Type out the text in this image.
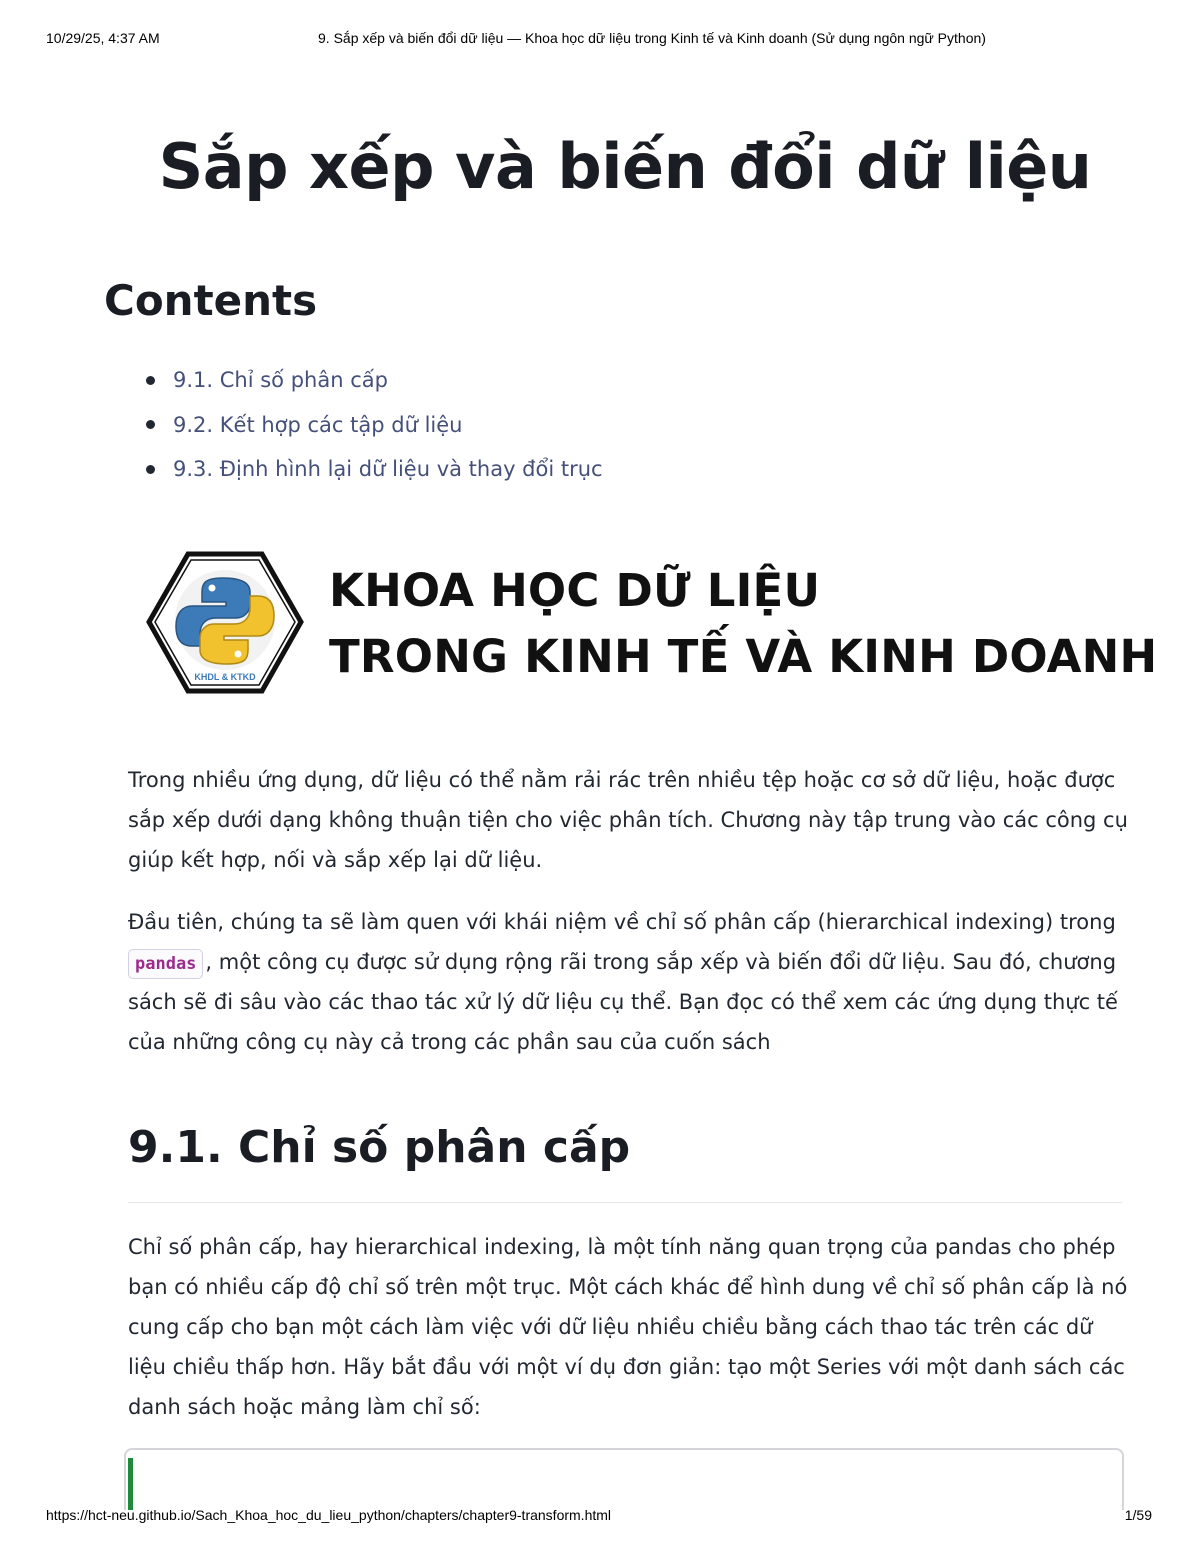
10/29/25, 4:37 AM	9. Sắp xếp và biến đổi dữ liệu — Khoa học dữ liệu trong Kinh tế và Kinh doanh (Sử dụng ngôn ngữ Python)
Sắp xếp và biến đổi dữ liệu
Contents
9.1. Chỉ số phân cấp
9.2. Kết hợp các tập dữ liệu
9.3. Định hình lại dữ liệu và thay đổi trục
KHDL & KTKD
KHOA HỌC DỮ LIỆU
TRONG KINH TẾ VÀ KINH DOANH

Trong nhiều ứng dụng, dữ liệu có thể nằm rải rác trên nhiều tệp hoặc cơ sở dữ liệu, hoặc được sắp xếp dưới dạng không thuận tiện cho việc phân tích. Chương này tập trung vào các công cụ giúp kết hợp, nối và sắp xếp lại dữ liệu.

Đầu tiên, chúng ta sẽ làm quen với khái niệm về chỉ số phân cấp (hierarchical indexing) trong pandas , một công cụ được sử dụng rộng rãi trong sắp xếp và biến đổi dữ liệu. Sau đó, chương sách sẽ đi sâu vào các thao tác xử lý dữ liệu cụ thể. Bạn đọc có thể xem các ứng dụng thực tế của những công cụ này cả trong các phần sau của cuốn sách

9.1. Chỉ số phân cấp

Chỉ số phân cấp, hay hierarchical indexing, là một tính năng quan trọng của pandas cho phép bạn có nhiều cấp độ chỉ số trên một trục. Một cách khác để hình dung về chỉ số phân cấp là nó cung cấp cho bạn một cách làm việc với dữ liệu nhiều chiều bằng cách thao tác trên các dữ liệu chiều thấp hơn. Hãy bắt đầu với một ví dụ đơn giản: tạo một Series với một danh sách các danh sách hoặc mảng làm chỉ số:

https://hct-neu.github.io/Sach_Khoa_hoc_du_lieu_python/chapters/chapter9-transform.html	1/59
